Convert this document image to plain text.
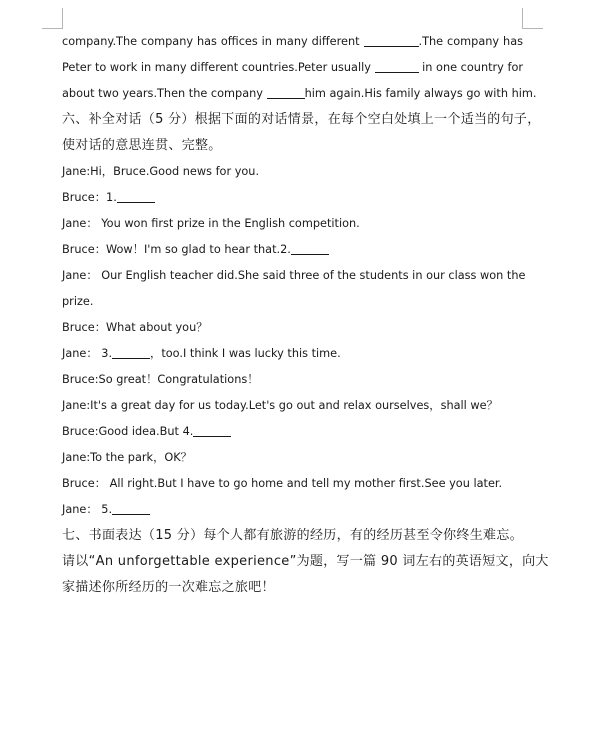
company.The company has offices in many different	.The company has
Peter to work in many different countries.Peter usually	in one country for
about two years.Then the company	him again.His family always go with him.
六、补全对话（5 分）根据下面的对话情景，在每个空白处填上一个适当的句子，
使对话的意思连贯、完整。
Jane:Hi，Bruce.Good news for you.
Bruce：1.
Jane： You won first prize in the English competition.
Bruce：Wow！I'm so glad to hear that.2.
Jane： Our English teacher did.She said three of the students in our class won the
prize.
Bruce：What about you？
Jane： 3.	，too.I think I was lucky this time.
Bruce:So great！Congratulations！
Jane:It's a great day for us today.Let's go out and relax ourselves，shall we？
Bruce:Good idea.But 4.
Jane:To the park，OK？
Bruce： All right.But I have to go home and tell my mother first.See you later.
Jane： 5.
七、书面表达（15 分）每个人都有旅游的经历，有的经历甚至令你终生难忘。
请以“An unforgettable experience”为题，写一篇 90 词左右的英语短文，向大
家描述你所经历的一次难忘之旅吧！
